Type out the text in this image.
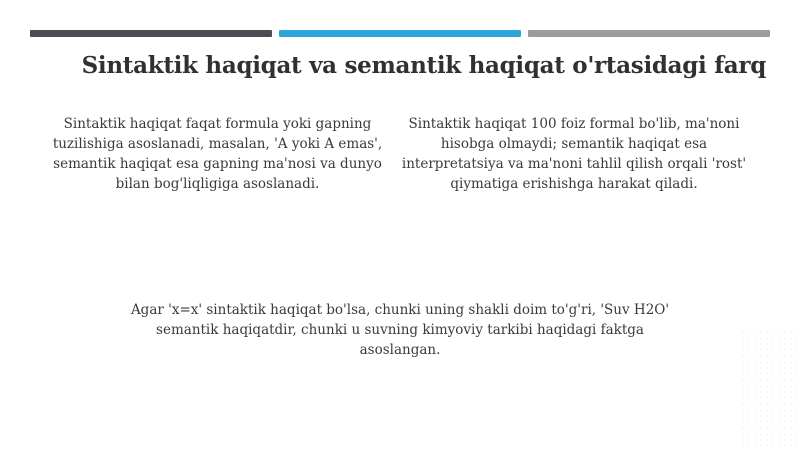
Sintaktik haqiqat va semantik haqiqat o'rtasidagi farq
Sintaktik haqiqat faqat formula yoki gapning tuzilishiga asoslanadi, masalan, 'A yoki A emas', semantik haqiqat esa gapning ma'nosi va dunyo bilan bog'liqligiga asoslanadi.
Sintaktik haqiqat 100 foiz formal bo'lib, ma'noni hisobga olmaydi; semantik haqiqat esa interpretatsiya va ma'noni tahlil qilish orqali 'rost' qiymatiga erishishga harakat qiladi.
Agar 'x=x' sintaktik haqiqat bo'lsa, chunki uning shakli doim to'g'ri, 'Suv H2O' semantik haqiqatdir, chunki u suvning kimyoviy tarkibi haqidagi faktga asoslangan.
